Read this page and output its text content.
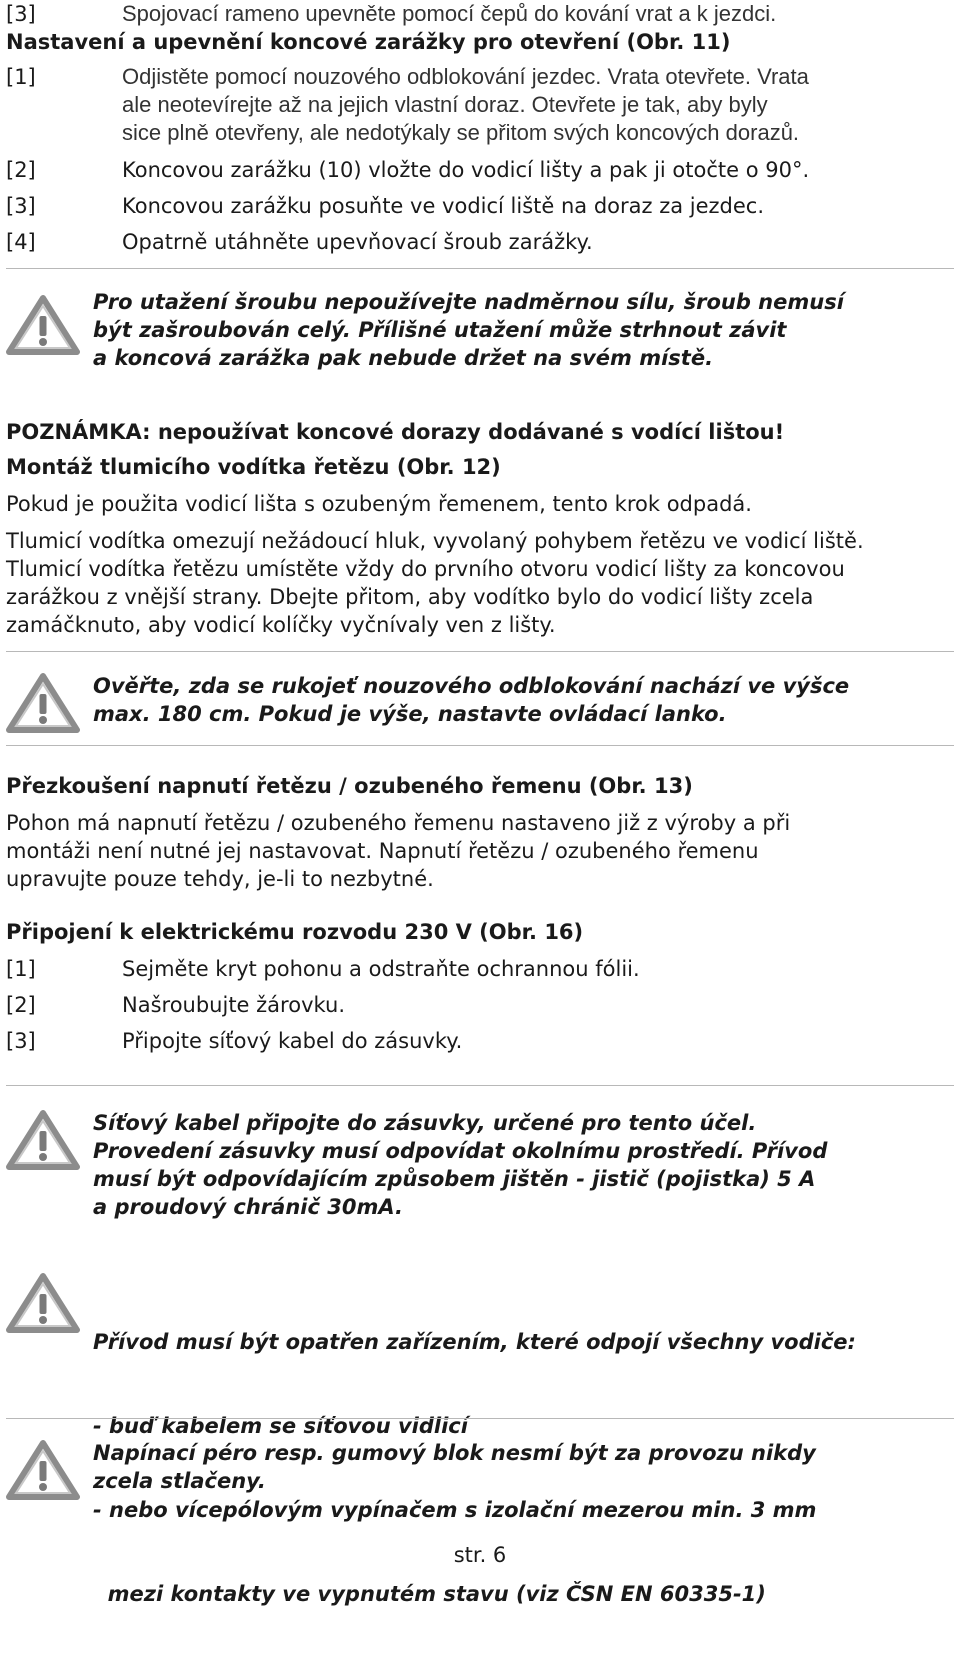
[3]	Spojovací rameno upevněte pomocí čepů do kování vrat a k jezdci.
Nastavení a upevnění koncové zarážky pro otevření (Obr. 11)
[1]	Odjistěte pomocí nouzového odblokování jezdec. Vrata otevřete. Vrata
ale neotevírejte až na jejich vlastní doraz. Otevřete je tak, aby byly
sice plně otevřeny, ale nedotýkaly se přitom svých koncových dorazů.
[2]	Koncovou zarážku (10) vložte do vodicí lišty a pak ji otočte o 90°.
[3]	Koncovou zarážku posuňte ve vodicí liště na doraz za jezdec.
[4]	Opatrně utáhněte upevňovací šroub zarážky.
Pro utažení šroubu nepoužívejte nadměrnou sílu, šroub nemusí
být zašroubován celý. Přílišné utažení může strhnout závit
a koncová zarážka pak nebude držet na svém místě.
POZNÁMKA: nepoužívat koncové dorazy dodávané s vodící lištou!
Montáž tlumicího vodítka řetězu (Obr. 12)
Pokud je použita vodicí lišta s ozubeným řemenem, tento krok odpadá.
Tlumicí vodítka omezují nežádoucí hluk, vyvolaný pohybem řetězu ve vodicí liště.
Tlumicí vodítka řetězu umístěte vždy do prvního otvoru vodicí lišty za koncovou
zarážkou z vnější strany. Dbejte přitom, aby vodítko bylo do vodicí lišty zcela
zamáčknuto, aby vodicí kolíčky vyčnívaly ven z lišty.
Ověřte, zda se rukojeť nouzového odblokování nachází ve výšce
max. 180 cm. Pokud je výše, nastavte ovládací lanko.
Přezkoušení napnutí řetězu / ozubeného řemenu (Obr. 13)
Pohon má napnutí řetězu / ozubeného řemenu nastaveno již z výroby a při
montáži není nutné jej nastavovat. Napnutí řetězu / ozubeného řemenu
upravujte pouze tehdy, je-li to nezbytné.
Připojení k elektrickému rozvodu 230 V (Obr. 16)
[1]	Sejměte kryt pohonu a odstraňte ochrannou fólii.
[2]	Našroubujte žárovku.
[3]	Připojte síťový kabel do zásuvky.
Síťový kabel připojte do zásuvky, určené pro tento účel.
Provedení zásuvky musí odpovídat okolnímu prostředí. Přívod
musí být odpovídajícím způsobem jištěn - jistič (pojistka) 5 A
a proudový chránič 30mA.

Přívod musí být opatřen zařízením, které odpojí všechny vodiče:

- buď kabelem se síťovou vidlicí

- nebo vícepólovým vypínačem s izolační mezerou min. 3 mm

mezi kontakty ve vypnutém stavu (viz ČSN EN 60335-1)

Napínací péro resp. gumový blok nesmí být za provozu nikdy
zcela stlačeny.
str. 6
